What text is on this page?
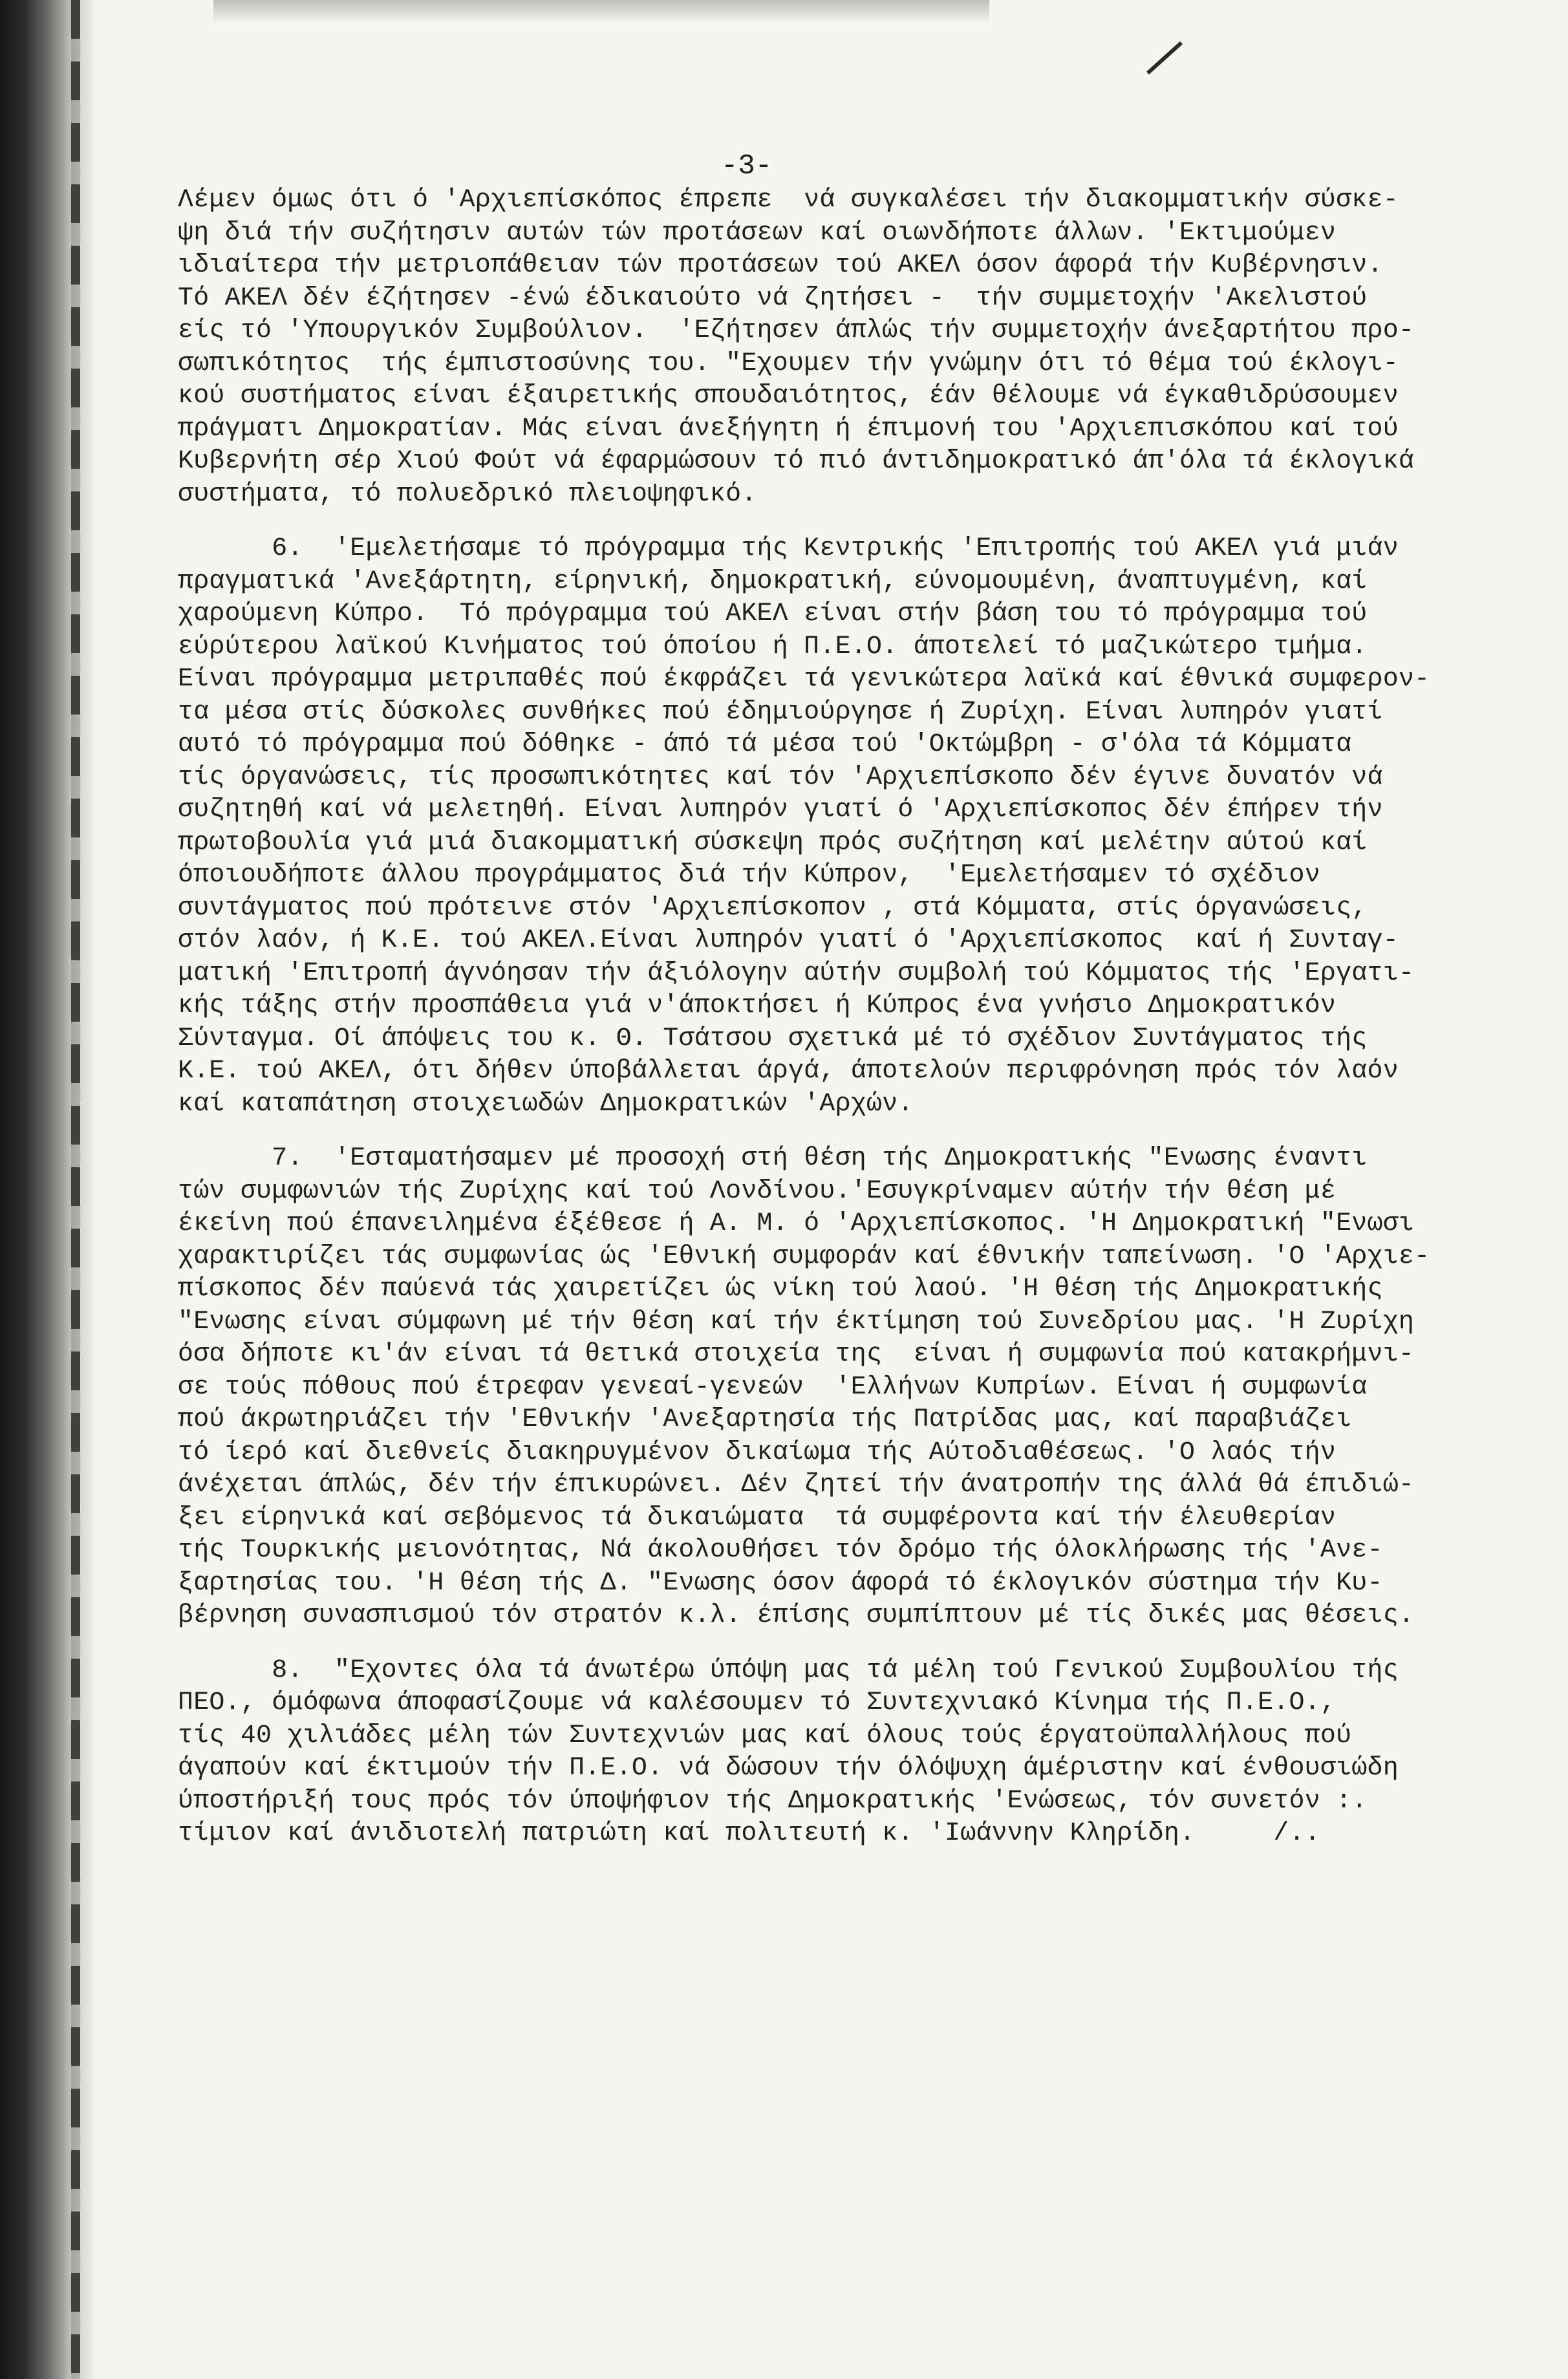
-3-
Λέμεν όμως ότι ό 'Αρχιεπίσκόπος έπρεπε  νά συγκαλέσει τήν διακομματικήν σύσκε-
ψη διά τήν συζήτησιν αυτών τών προτάσεων καί οιωνδήποτε άλλων. 'Εκτιμούμεν
ιδιαίτερα τήν μετριοπάθειαν τών προτάσεων τού ΑΚΕΛ όσον άφορά τήν Κυβέρνησιν.
Τό ΑΚΕΛ δέν έζήτησεν -ένώ έδικαιούτο νά ζητήσει -  τήν συμμετοχήν 'Ακελιστού
είς τό 'Υπουργικόν Συμβούλιον.  'Εζήτησεν άπλώς τήν συμμετοχήν άνεξαρτήτου προ-
σωπικότητος  τής έμπιστοσύνης του. "Εχουμεν τήν γνώμην ότι τό θέμα τού έκλογι-
κού συστήματος είναι έξαιρετικής σπουδαιότητος, έάν θέλουμε νά έγκαθιδρύσουμεν
πράγματι Δημοκρατίαν. Μάς είναι άνεξήγητη ή έπιμονή του 'Αρχιεπισκόπου καί τού
Κυβερνήτη σέρ Χιού Φούτ νά έφαρμώσουν τό πιό άντιδημοκρατικό άπ'όλα τά έκλογικά
συστήματα, τό πολυεδρικό πλειοψηφικό.
6.  'Εμελετήσαμε τό πρόγραμμα τής Κεντρικής 'Επιτροπής τού ΑΚΕΛ γιά μιάν
πραγματικά 'Ανεξάρτητη, είρηνική, δημοκρατική, εύνομουμένη, άναπτυγμένη, καί
χαρούμενη Κύπρο.  Τό πρόγραμμα τού ΑΚΕΛ είναι στήν βάση του τό πρόγραμμα τού
εύρύτερου λαϊκού Κινήματος τού όποίου ή Π.Ε.Ο. άποτελεί τό μαζικώτερο τμήμα.
Είναι πρόγραμμα μετριπαθές πού έκφράζει τά γενικώτερα λαϊκά καί έθνικά συμφερον-
τα μέσα στίς δύσκολες συνθήκες πού έδημιούργησε ή Ζυρίχη. Είναι λυπηρόν γιατί
αυτό τό πρόγραμμα πού δόθηκε - άπό τά μέσα τού 'Οκτώμβρη - σ'όλα τά Κόμματα
τίς όργανώσεις, τίς προσωπικότητες καί τόν 'Αρχιεπίσκοπο δέν έγινε δυνατόν νά
συζητηθή καί νά μελετηθή. Είναι λυπηρόν γιατί ό 'Αρχιεπίσκοπος δέν έπήρεν τήν
πρωτοβουλία γιά μιά διακομματική σύσκεψη πρός συζήτηση καί μελέτην αύτού καί
όποιουδήποτε άλλου προγράμματος διά τήν Κύπρον,  'Εμελετήσαμεν τό σχέδιον
συντάγματος πού πρότεινε στόν 'Αρχιεπίσκοπον , στά Κόμματα, στίς όργανώσεις,
στόν λαόν, ή Κ.Ε. τού ΑΚΕΛ.Είναι λυπηρόν γιατί ό 'Αρχιεπίσκοπος  καί ή Συνταγ-
ματική 'Επιτροπή άγνόησαν τήν άξιόλογην αύτήν συμβολή τού Κόμματος τής 'Εργατι-
κής τάξης στήν προσπάθεια γιά ν'άποκτήσει ή Κύπρος ένα γνήσιο Δημοκρατικόν
Σύνταγμα. Οί άπόψεις του κ. Θ. Τσάτσου σχετικά μέ τό σχέδιον Συντάγματος τής
Κ.Ε. τού ΑΚΕΛ, ότι δήθεν ύποβάλλεται άργά, άποτελούν περιφρόνηση πρός τόν λαόν
καί καταπάτηση στοιχειωδών Δημοκρατικών 'Αρχών.
7.  'Εσταματήσαμεν μέ προσοχή στή θέση τής Δημοκρατικής "Ενωσης έναντι
τών συμφωνιών τής Ζυρίχης καί τού Λονδίνου.'Εσυγκρίναμεν αύτήν τήν θέση μέ
έκείνη πού έπανειλημένα έξέθεσε ή Α. Μ. ό 'Αρχιεπίσκοπος. 'Η Δημοκρατική "Ενωσι
χαρακτιρίζει τάς συμφωνίας ώς 'Εθνική συμφοράν καί έθνικήν ταπείνωση. 'Ο 'Αρχιε-
πίσκοπος δέν παύενά τάς χαιρετίζει ώς νίκη τού λαού. 'Η θέση τής Δημοκρατικής
"Ενωσης είναι σύμφωνη μέ τήν θέση καί τήν έκτίμηση τού Συνεδρίου μας. 'Η Ζυρίχη
όσα δήποτε κι'άν είναι τά θετικά στοιχεία της  είναι ή συμφωνία πού κατακρήμνι-
σε τούς πόθους πού έτρεφαν γενεαί-γενεών  'Ελλήνων Κυπρίων. Είναι ή συμφωνία
πού άκρωτηριάζει τήν 'Εθνικήν 'Ανεξαρτησία τής Πατρίδας μας, καί παραβιάζει
τό ίερό καί διεθνείς διακηρυγμένον δικαίωμα τής Αύτοδιαθέσεως. 'Ο λαός τήν
άνέχεται άπλώς, δέν τήν έπικυρώνει. Δέν ζητεί τήν άνατροπήν της άλλά θά έπιδιώ-
ξει είρηνικά καί σεβόμενος τά δικαιώματα  τά συμφέροντα καί τήν έλευθερίαν
τής Τουρκικής μειονότητας, Νά άκολουθήσει τόν δρόμο τής όλοκλήρωσης τής 'Ανε-
ξαρτησίας του. 'Η θέση τής Δ. "Ενωσης όσον άφορά τό έκλογικόν σύστημα τήν Κυ-
βέρνηση συνασπισμού τόν στρατόν κ.λ. έπίσης συμπίπτουν μέ τίς δικές μας θέσεις.
8.  "Εχοντες όλα τά άνωτέρω ύπόψη μας τά μέλη τού Γενικού Συμβουλίου τής
ΠΕΟ., όμόφωνα άποφασίζουμε νά καλέσουμεν τό Συντεχνιακό Κίνημα τής Π.Ε.Ο.,
τίς 40 χιλιάδες μέλη τών Συντεχνιών μας καί όλους τούς έργατοϋπαλλήλους πού
άγαπούν καί έκτιμούν τήν Π.Ε.Ο. νά δώσουν τήν όλόψυχη άμέριστην καί ένθουσιώδη
ύποστήριξή τους πρός τόν ύποψήφιον τής Δημοκρατικής 'Ενώσεως, τόν συνετόν :.
τίμιον καί άνιδιοτελή πατριώτη καί πολιτευτή κ. 'Ιωάννην Κληρίδη.     /..
